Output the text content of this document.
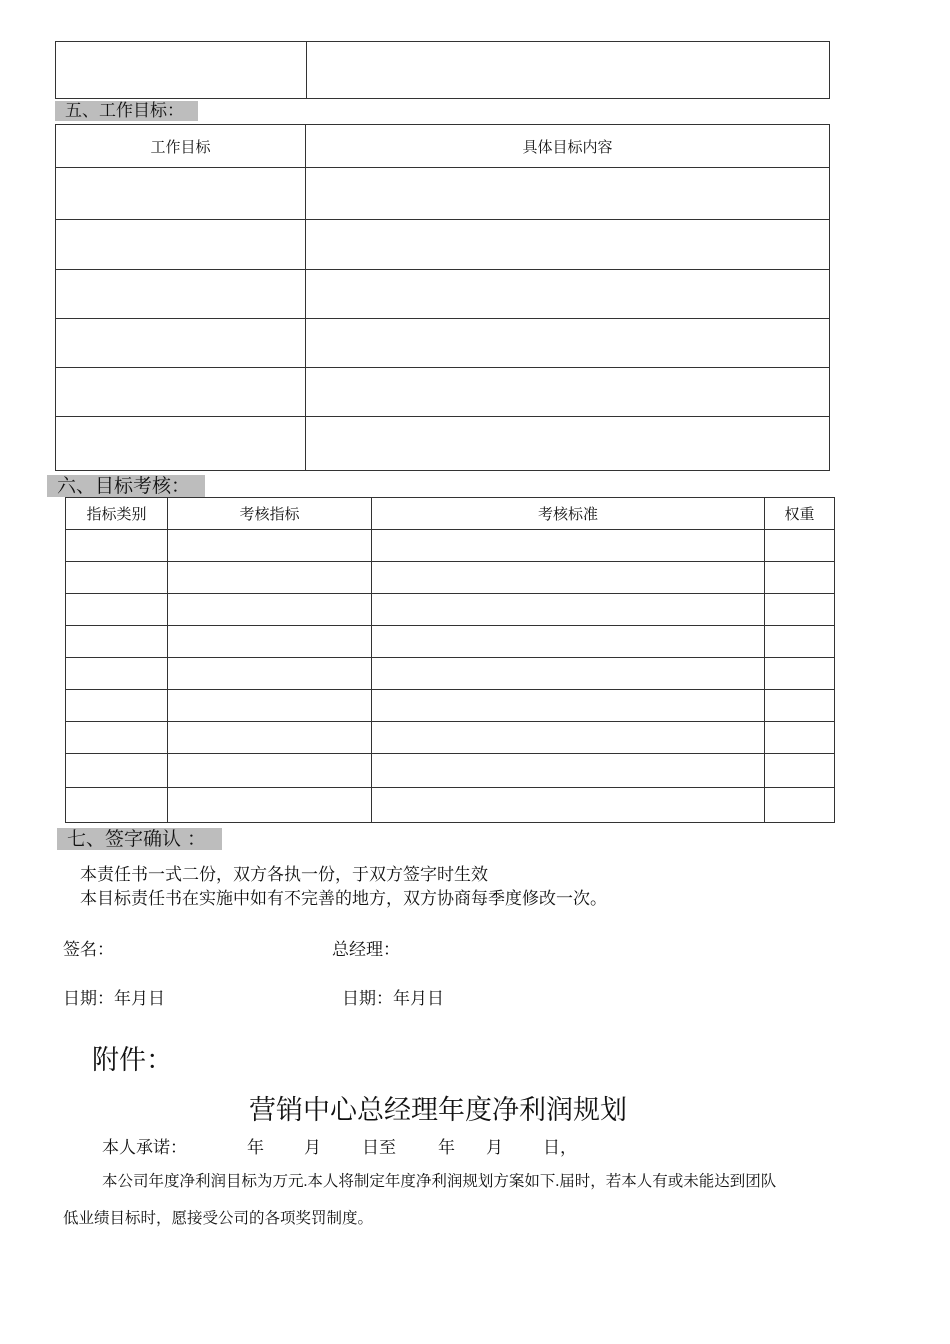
五、工作目标：
工作目标	具体目标内容

六、目标考核：
指标类别	考核指标	考核标准	权重

七、签字确认 ：
本责任书一式二份，双方各执一份，于双方签字时生效
本目标责任书在实施中如有不完善的地方，双方协商每季度修改一次。
签名：	总经理：
日期：年月日	日期：年月日
附件：
营销中心总经理年度净利润规划
本人承诺：	年 月 日至 年 月 日，
本公司年度净利润目标为万元.本人将制定年度净利润规划方案如下.届时，若本人有或未能达到团队
低业绩目标时，愿接受公司的各项奖罚制度。
